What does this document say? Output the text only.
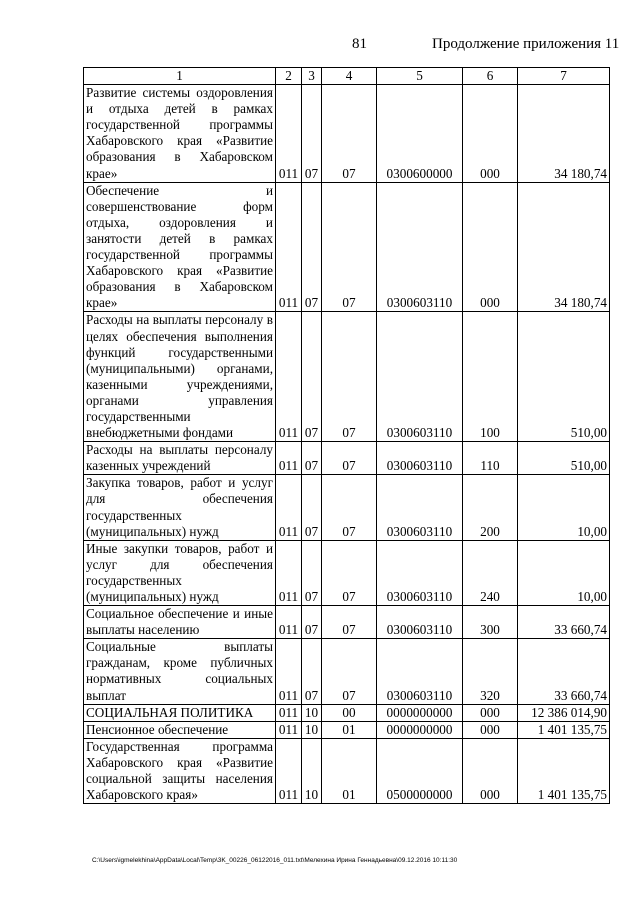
81	Продолжение приложения 11
1	2	3	4	5	6	7
Развитие системы оздоровления и отдыха детей в рамках государственной программы Хабаровского края «Развитие образования в Хабаровском крае»	011	07	07	0300600000	000	34 180,74
Обеспечение и совершенствование форм отдыха, оздоровления и занятости детей в рамках государственной программы Хабаровского края «Развитие образования в Хабаровском крае»	011	07	07	0300603110	000	34 180,74
Расходы на выплаты персоналу в целях обеспечения выполнения функций государственными (муниципальными) органами, казенными учреждениями, органами управления государственными внебюджетными фондами	011	07	07	0300603110	100	510,00
Расходы на выплаты персоналу казенных учреждений	011	07	07	0300603110	110	510,00
Закупка товаров, работ и услуг для обеспечения государственных (муниципальных) нужд	011	07	07	0300603110	200	10,00
Иные закупки товаров, работ и услуг для обеспечения государственных (муниципальных) нужд	011	07	07	0300603110	240	10,00
Социальное обеспечение и иные выплаты населению	011	07	07	0300603110	300	33 660,74
Социальные выплаты гражданам, кроме публичных нормативных социальных выплат	011	07	07	0300603110	320	33 660,74
СОЦИАЛЬНАЯ ПОЛИТИКА	011	10	00	0000000000	000	12 386 014,90
Пенсионное обеспечение	011	10	01	0000000000	000	1 401 135,75
Государственная программа Хабаровского края «Развитие социальной защиты населения Хабаровского края»	011	10	01	0500000000	000	1 401 135,75
C:\Users\igmelekhina\AppData\Local\Temp\3K_00226_06122016_011.txt\Мелехина Ирина Геннадьевна\09.12.2016 10:11:30
